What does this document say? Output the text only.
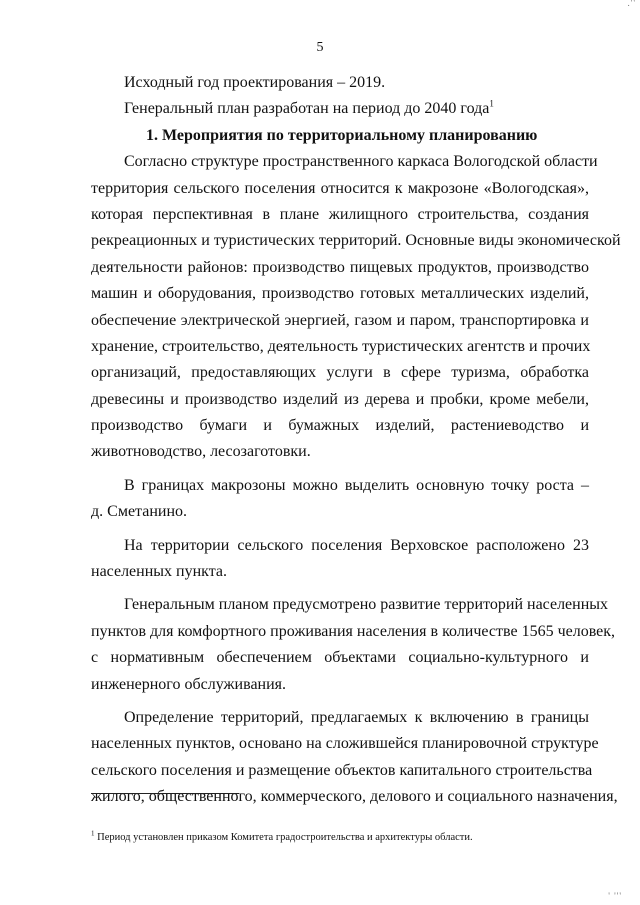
.''
5
Исходный год проектирования – 2019.
Генеральный план разработан на период до 2040 года$^1$
1. Мероприятия по территориальному планированию
Согласно структуре пространственного каркаса Вологодской области
территория сельского поселения относится к макрозоне «Вологодская»,
которая перспективная в плане жилищного строительства, создания
рекреационных и туристических территорий. Основные виды экономической
деятельности районов: производство пищевых продуктов, производство
машин и оборудования, производство готовых металлических изделий,
обеспечение электрической энергией, газом и паром, транспортировка и
хранение, строительство, деятельность туристических агентств и прочих
организаций, предоставляющих услуги в сфере туризма, обработка
древесины и производство изделий из дерева и пробки, кроме мебели,
производство бумаги и бумажных изделий, растениеводство и
животноводство, лесозаготовки.
В границах макрозоны можно выделить основную точку роста –
д. Сметанино.
На территории сельского поселения Верховское расположено 23
населенных пункта.
Генеральным планом предусмотрено развитие территорий населенных
пунктов для комфортного проживания населения в количестве 1565 человек,
с нормативным обеспечением объектами социально-культурного и
инженерного обслуживания.
Определение территорий, предлагаемых к включению в границы
населенных пунктов, основано на сложившейся планировочной структуре
сельского поселения и размещение объектов капитального строительства
жилого, общественного, коммерческого, делового и социального назначения,
$^1$ Период установлен приказом Комитета градостроительства и архитектуры области.
' '''
